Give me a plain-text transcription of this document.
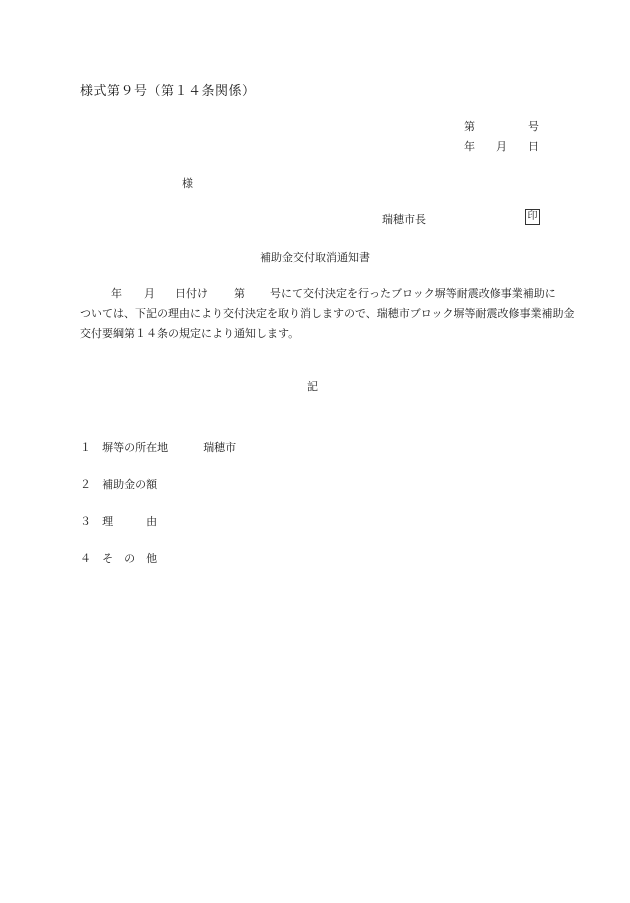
様式第９号（第１４条関係）
第	号
年 月 日
様
瑞穂市長	印
補助金交付取消通知書
年 月 日付け 第 号にて交付決定を行ったブロック塀等耐震改修事業補助に
ついては、下記の理由により交付決定を取り消しますので、瑞穂市ブロック塀等耐震改修事業補助金
交付要綱第１４条の規定により通知します。
記
１ 塀等の所在地	瑞穂市
２ 補助金の額
３ 理　　　由
４ そ　の　他
